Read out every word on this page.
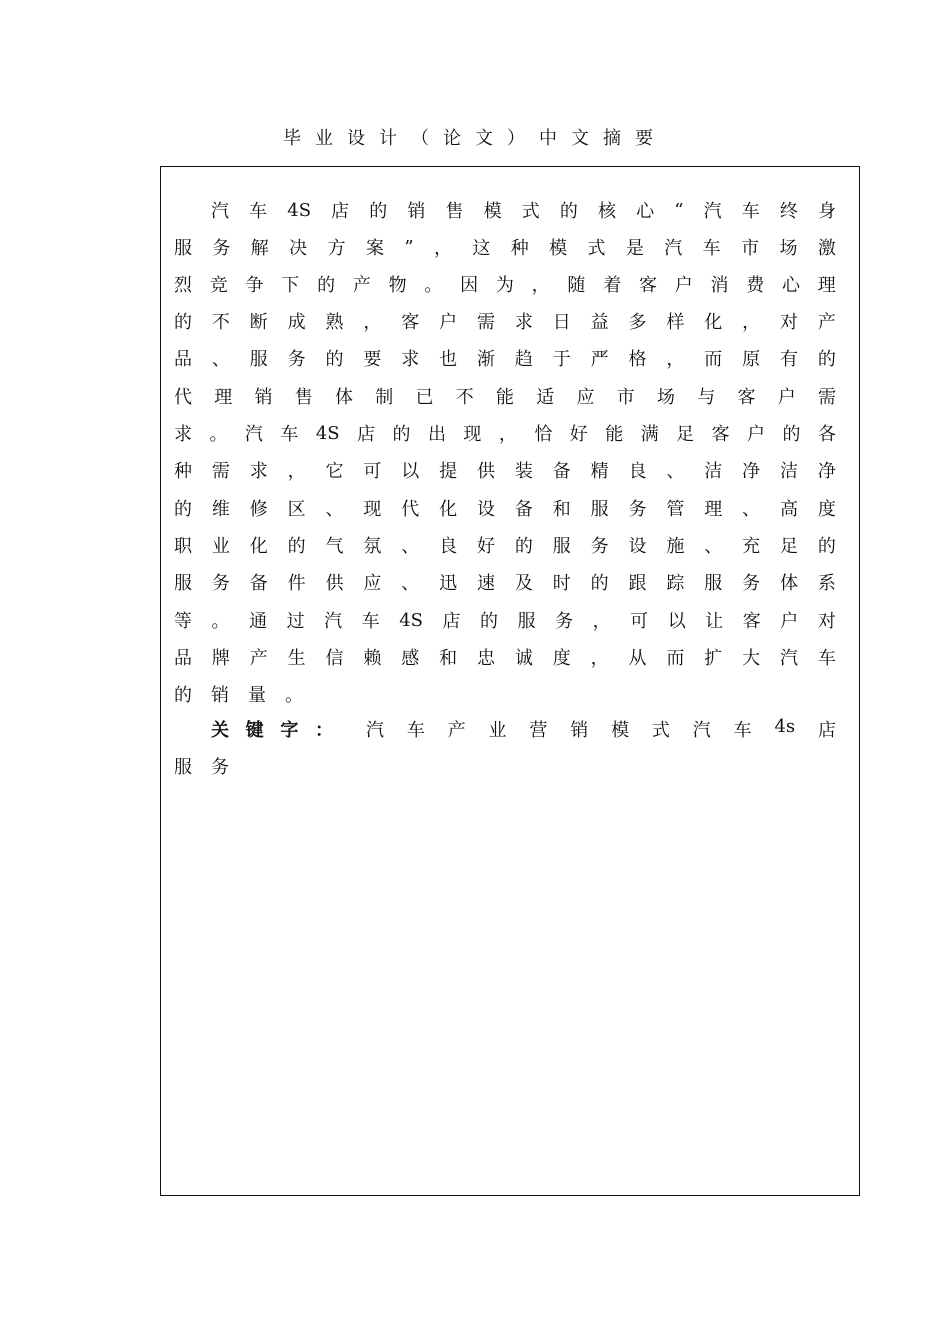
毕业设计（论文）中文摘要
汽 车 4S 店 的 销 售 模 式 的 核 心 “ 汽 车 终 身
服 务 解 决 方 案 ” ， 这 种 模 式 是 汽 车 市 场 激
烈 竞 争 下 的 产 物 。 因 为 ， 随 着 客 户 消 费 心 理
的 不 断 成 熟 ， 客 户 需 求 日 益 多 样 化 ， 对 产
品 、 服 务 的 要 求 也 渐 趋 于 严 格 ， 而 原 有 的
代 理 销 售 体 制 已 不 能 适 应 市 场 与 客 户 需
求 。 汽 车 4S 店 的 出 现 ， 恰 好 能 满 足 客 户 的 各
种 需 求 ， 它 可 以 提 供 装 备 精 良 、 洁 净 洁 净
的 维 修 区 、 现 代 化 设 备 和 服 务 管 理 、 高 度
职 业 化 的 气 氛 、 良 好 的 服 务 设 施 、 充 足 的
服 务 备 件 供 应 、 迅 速 及 时 的 跟 踪 服 务 体 系
等 。 通 过 汽 车 4S 店 的 服 务 ， 可 以 让 客 户 对
品 牌 产 生 信 赖 感 和 忠 诚 度 ， 从 而 扩 大 汽 车
的 销 量 。
关 键 字 ： 汽 车 产 业 营 销 模 式 汽 车 4s 店
服 务
